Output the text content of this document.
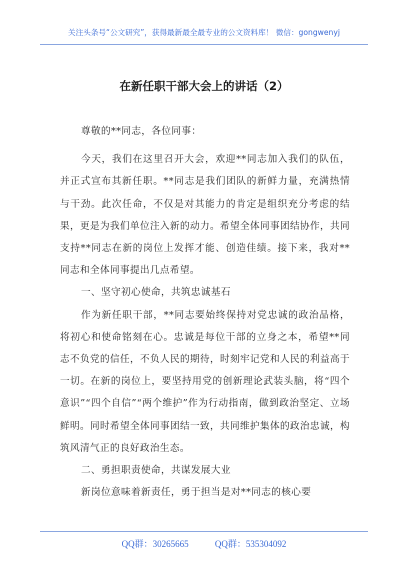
关注头条号“公文研究”，获得最新最全最专业的公文资料库！ 微信：gongwenyj
在新任职干部大会上的讲话（2）

尊敬的**同志，各位同事：

今天，我们在这里召开大会，欢迎**同志加入我们的队伍，并正式宣布其新任职。**同志是我们团队的新鲜力量，充满热情与干劲。此次任命，不仅是对其能力的肯定是组织充分考虑的结果，更是为我们单位注入新的动力。希望全体同事团结协作，共同支持**同志在新的岗位上发挥才能、创造佳绩。接下来，我对**同志和全体同事提出几点希望。

一、坚守初心使命，共筑忠诚基石

作为新任职干部，**同志要始终保持对党忠诚的政治品格，将初心和使命铭刻在心。忠诚是每位干部的立身之本，希望**同志不负党的信任，不负人民的期待，时刻牢记党和人民的利益高于一切。在新的岗位上，要坚持用党的创新理论武装头脑，将“四个意识”“四个自信”“两个维护”作为行动指南，做到政治坚定、立场鲜明。同时希望全体同事团结一致，共同维护集体的政治忠诚，构筑风清气正的良好政治生态。

二、勇担职责使命，共谋发展大业

新岗位意味着新责任，勇于担当是对**同志的核心要

QQ群：30265665	QQ群：535304092
